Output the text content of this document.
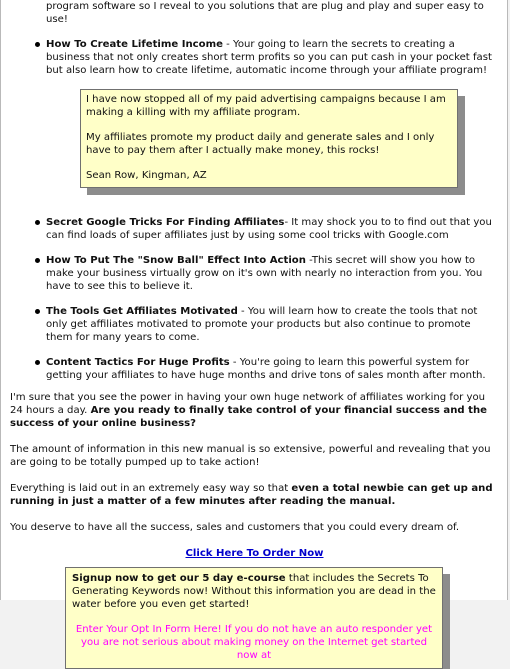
program software so I reveal to you solutions that are plug and play and super easy to use!
How To Create Lifetime Income - Your going to learn the secrets to creating a business that not only creates short term profits so you can put cash in your pocket fast but also learn how to create lifetime, automatic income through your affiliate program!

I have now stopped all of my paid advertising campaigns because I am making a killing with my affiliate program.

My affiliates promote my product daily and generate sales and I only have to pay them after I actually make money, this rocks!

Sean Row, Kingman, AZ

Secret Google Tricks For Finding Affiliates- It may shock you to to find out that you can find loads of super affiliates just by using some cool tricks with Google.com
How To Put The "Snow Ball" Effect Into Action -This secret will show you how to make your business virtually grow on it's own with nearly no interaction from you. You have to see this to believe it.
The Tools Get Affiliates Motivated - You will learn how to create the tools that not only get affiliates motivated to promote your products but also continue to promote them for many years to come.
Content Tactics For Huge Profits - You're going to learn this powerful system for getting your affiliates to have huge months and drive tons of sales month after month.

I'm sure that you see the power in having your own huge network of affiliates working for you 24 hours a day. Are you ready to finally take control of your financial success and the success of your online business?

The amount of information in this new manual is so extensive, powerful and revealing that you are going to be totally pumped up to take action!

Everything is laid out in an extremely easy way so that even a total newbie can get up and running in just a matter of a few minutes after reading the manual.

You deserve to have all the success, sales and customers that you could every dream of.

Click Here To Order Now

Signup now to get our 5 day e-course that includes the Secrets To Generating Keywords now! Without this information you are dead in the water before you even get started!

Enter Your Opt In Form Here! If you do not have an auto responder yet you are not serious about making money on the Internet get started now at
